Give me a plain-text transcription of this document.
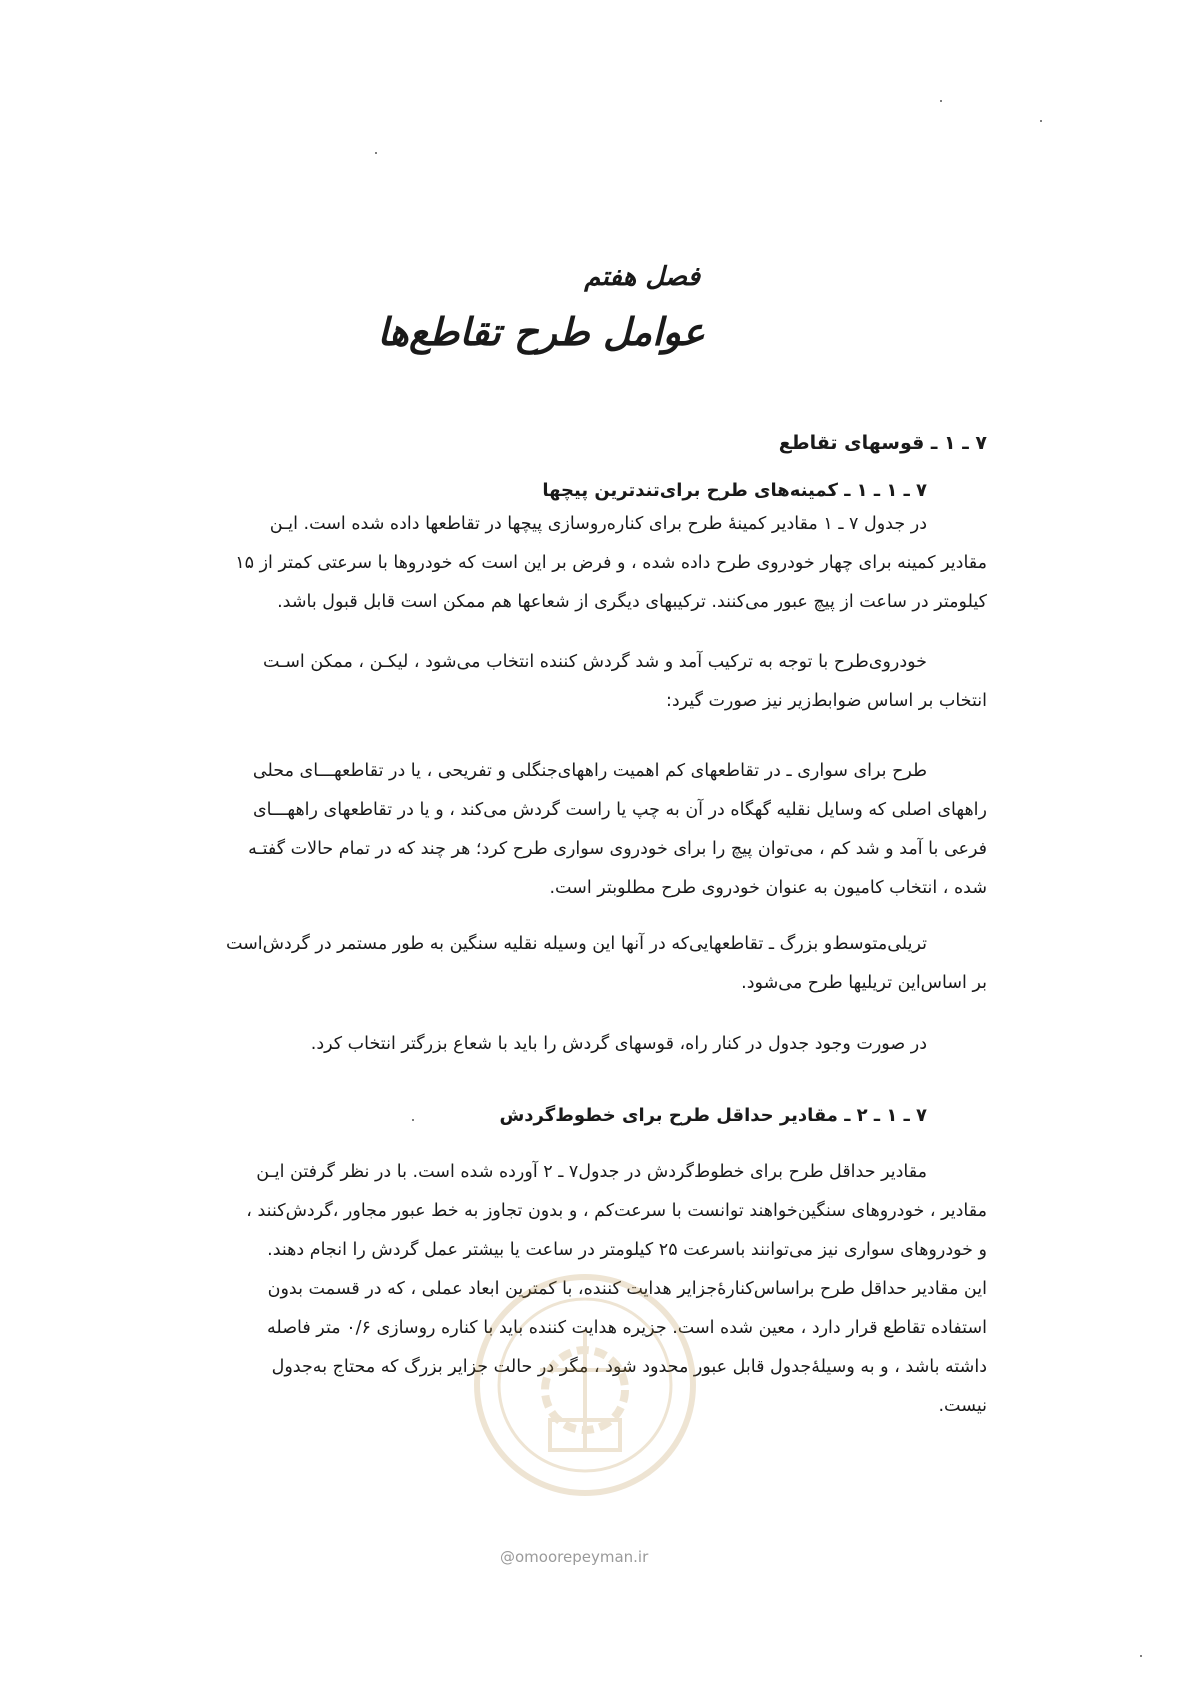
فصل هفتم
عوامل طرح تقاطع‌ها
۷ ـ ۱ ـ قوسهای تقاطع
۷ ـ ۱ ـ ۱ ـ کمینه‌های طرح برای‌تندترین پیچها
در جدول ۷ ـ ۱ مقادیر کمینهٔ طرح برای کناره‌روسازی پیچها در تقاطعها داده شده است. ایـن
مقادیر کمینه برای چهار خودروی طرح داده شده ، و فرض بر این است که خودروها با سرعتی کمتر از ۱۵
کیلومتر در ساعت از پیچ عبور می‌کنند. ترکیبهای دیگری از شعاعها هم ممکن است قابل قبول باشد.
خودروی‌طرح با توجه به ترکیب آمد و شد گردش کننده انتخاب می‌شود ، لیکـن ، ممکن اسـت
انتخاب بر اساس ضوابط‌زیر نیز صورت گیرد:
طرح برای سواری ـ در تقاطعهای کم اهمیت راههای‌جنگلی و تفریحی ، یا در تقاطعهـــای محلی
راههای اصلی که وسایل نقلیه گهگاه در آن به چپ یا راست گردش می‌کند ، و یا در تقاطعهای راههـــای
فرعی با آمد و شد کم ، می‌توان پیچ را برای خودروی سواری طرح کرد؛ هر چند که در تمام حالات گفتـه
شده ، انتخاب کامیون به عنوان خودروی طرح مطلوبتر است.
تریلی‌متوسط‌و بزرگ ـ تقاطعهایی‌که در آنها این وسیله نقلیه سنگین به طور مستمر در گردش‌است
بر اساس‌این تریلیها طرح می‌شود.
در صورت وجود جدول در کنار راه، قوسهای گردش را باید با شعاع بزرگتر انتخاب کرد.
۷ ـ ۱ ـ ۲ ـ مقادیر حداقل طرح برای خطوط‌گردش
مقادیر حداقل طرح برای خطوط‌گردش در جدول‌۷ ـ ۲ آورده شده است. با در نظر گرفتن ایـن
مقادیر ، خودروهای سنگین‌خواهند توانست با سرعت‌کم ، و بدون تجاوز به خط عبور مجاور ،گردش‌کنند ،
و خودروهای سواری نیز می‌توانند باسرعت ۲۵ کیلومتر در ساعت یا بیشتر عمل گردش را انجام دهند.
این مقادیر حداقل طرح براساس‌کنارهٔ‌جزایر هدایت کننده، با کمترین ابعاد عملی ، که در قسمت بدون
استفاده تقاطع قرار دارد ، معین شده است. جزیره هدایت کننده باید با کناره روسازی ۰/۶ متر فاصله
داشته باشد ، و به وسیلهٔ‌جدول قابل عبور محدود شود ، مگر در حالت جزایر بزرگ که محتاج به‌جدول
نیست.
@omoorepeyman.ir
